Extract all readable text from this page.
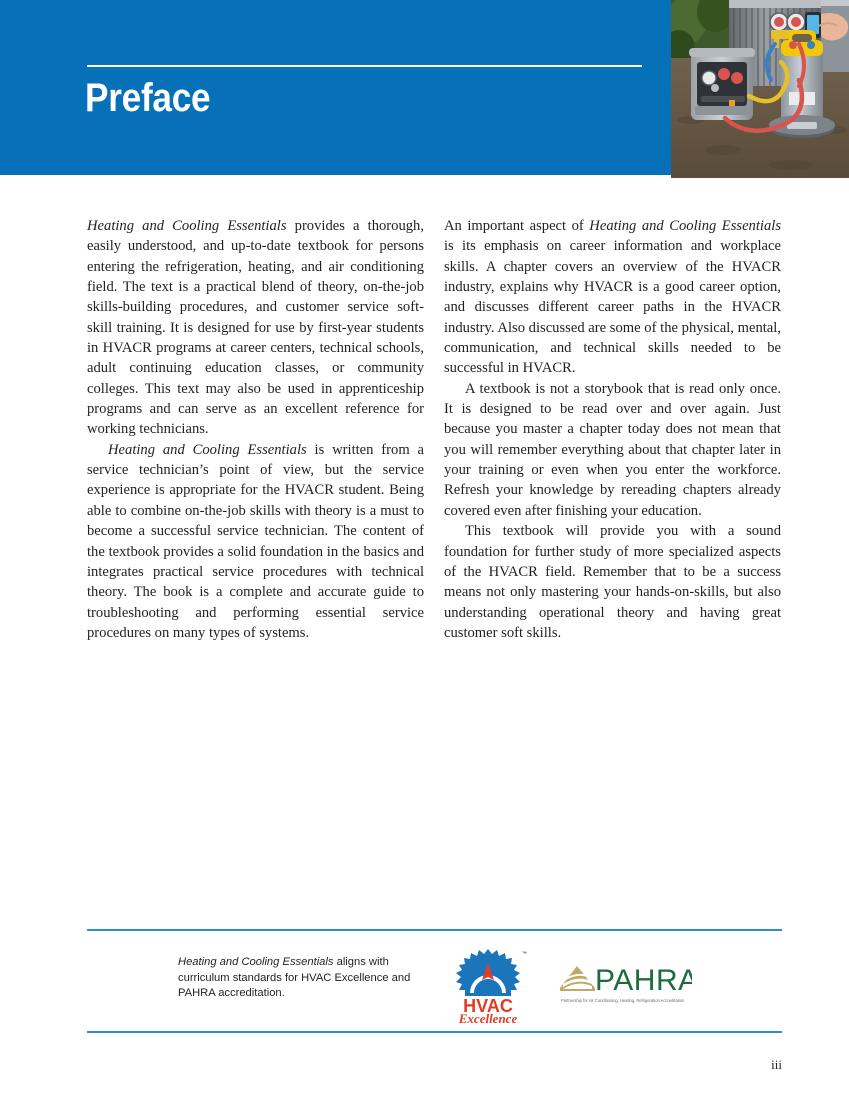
Preface

Heating and Cooling Essentials provides a thorough, easily understood, and up-to-date textbook for persons entering the refrigeration, heating, and air conditioning field. The text is a practical blend of theory, on-the-job skills-building procedures, and customer service soft-skill training. It is designed for use by first-year students in HVACR programs at career centers, technical schools, adult continuing education classes, or community colleges. This text may also be used in apprenticeship programs and can serve as an excellent reference for working technicians.

Heating and Cooling Essentials is written from a service technician’s point of view, but the service experience is appropriate for the HVACR student. Being able to combine on-the-job skills with theory is a must to become a successful service technician. The content of the textbook provides a solid foundation in the basics and integrates practical service procedures with technical theory. The book is a complete and accurate guide to troubleshooting and performing essential service procedures on many types of systems.

An important aspect of Heating and Cooling Essentials is its emphasis on career information and workplace skills. A chapter covers an overview of the HVACR industry, explains why HVACR is a good career option, and discusses different career paths in the HVACR industry. Also discussed are some of the physical, mental, communication, and technical skills needed to be successful in HVACR.

A textbook is not a storybook that is read only once. It is designed to be read over and over again. Just because you master a chapter today does not mean that you will remember everything about that chapter later in your training or even when you enter the workforce. Refresh your knowledge by rereading chapters already covered even after finishing your education.

This textbook will provide you with a sound foundation for further study of more specialized aspects of the HVACR field. Remember that to be a success means not only mastering your hands-on-skills, but also understanding operational theory and having great customer soft skills.

Heating and Cooling Essentials aligns with curriculum standards for HVAC Excellence and PAHRA accreditation.
™
HVAC
Excellence
PAHRA
Partnership for Air Conditioning, Heating, Refrigeration Accreditation
iii
